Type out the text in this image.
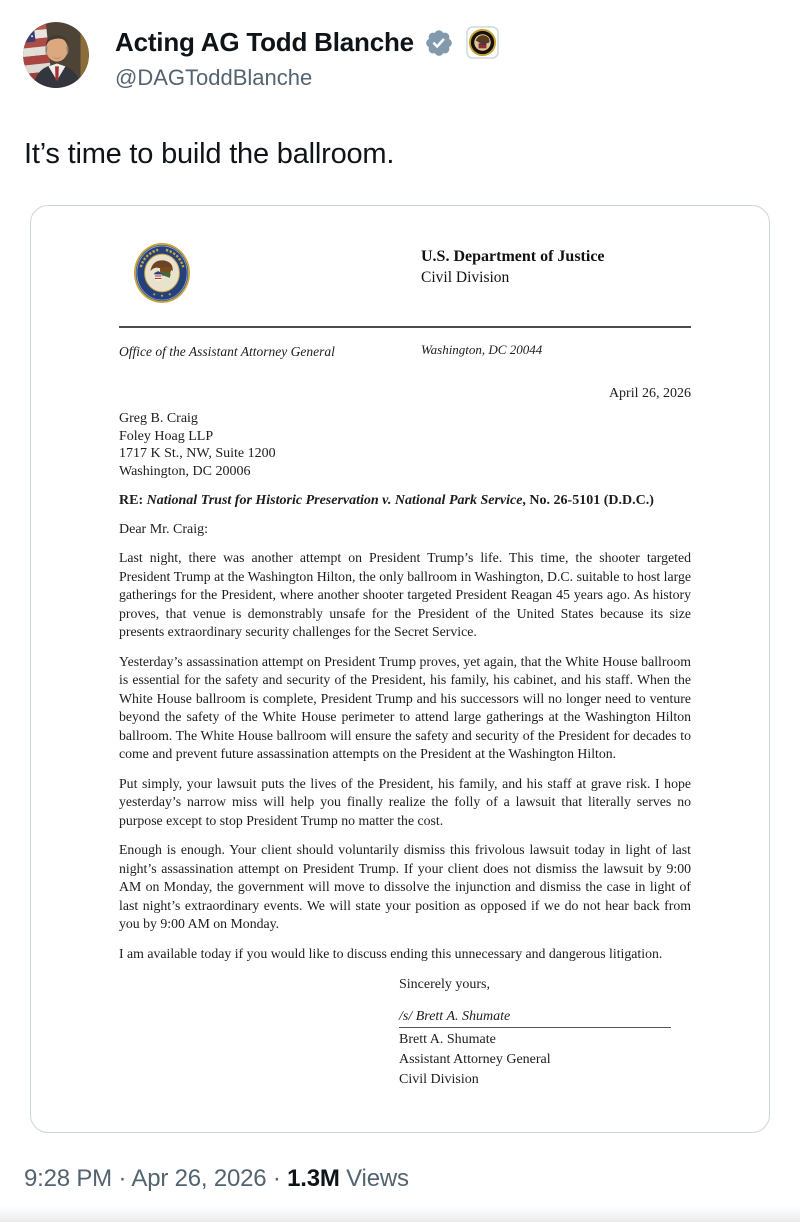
Acting AG Todd Blanche
@DAGToddBlanche
It’s time to build the ballroom.
U.S. Department of Justice
Civil Division
Office of the Assistant Attorney General	Washington, DC 20044
April 26, 2026
Greg B. Craig
Foley Hoag LLP
1717 K St., NW, Suite 1200
Washington, DC 20006
RE: National Trust for Historic Preservation v. National Park Service, No. 26-5101 (D.D.C.)
Dear Mr. Craig:
Last night, there was another attempt on President Trump’s life. This time, the shooter targeted President Trump at the Washington Hilton, the only ballroom in Washington, D.C. suitable to host large gatherings for the President, where another shooter targeted President Reagan 45 years ago. As history proves, that venue is demonstrably unsafe for the President of the United States because its size presents extraordinary security challenges for the Secret Service.
Yesterday’s assassination attempt on President Trump proves, yet again, that the White House ballroom is essential for the safety and security of the President, his family, his cabinet, and his staff. When the White House ballroom is complete, President Trump and his successors will no longer need to venture beyond the safety of the White House perimeter to attend large gatherings at the Washington Hilton ballroom. The White House ballroom will ensure the safety and security of the President for decades to come and prevent future assassination attempts on the President at the Washington Hilton.
Put simply, your lawsuit puts the lives of the President, his family, and his staff at grave risk. I hope yesterday’s narrow miss will help you finally realize the folly of a lawsuit that literally serves no purpose except to stop President Trump no matter the cost.
Enough is enough. Your client should voluntarily dismiss this frivolous lawsuit today in light of last night’s assassination attempt on President Trump. If your client does not dismiss the lawsuit by 9:00 AM on Monday, the government will move to dissolve the injunction and dismiss the case in light of last night’s extraordinary events. We will state your position as opposed if we do not hear back from you by 9:00 AM on Monday.
I am available today if you would like to discuss ending this unnecessary and dangerous litigation.
Sincerely yours,
/s/ Brett A. Shumate
Brett A. Shumate
Assistant Attorney General
Civil Division
9:28 PM · Apr 26, 2026 · 1.3M Views
